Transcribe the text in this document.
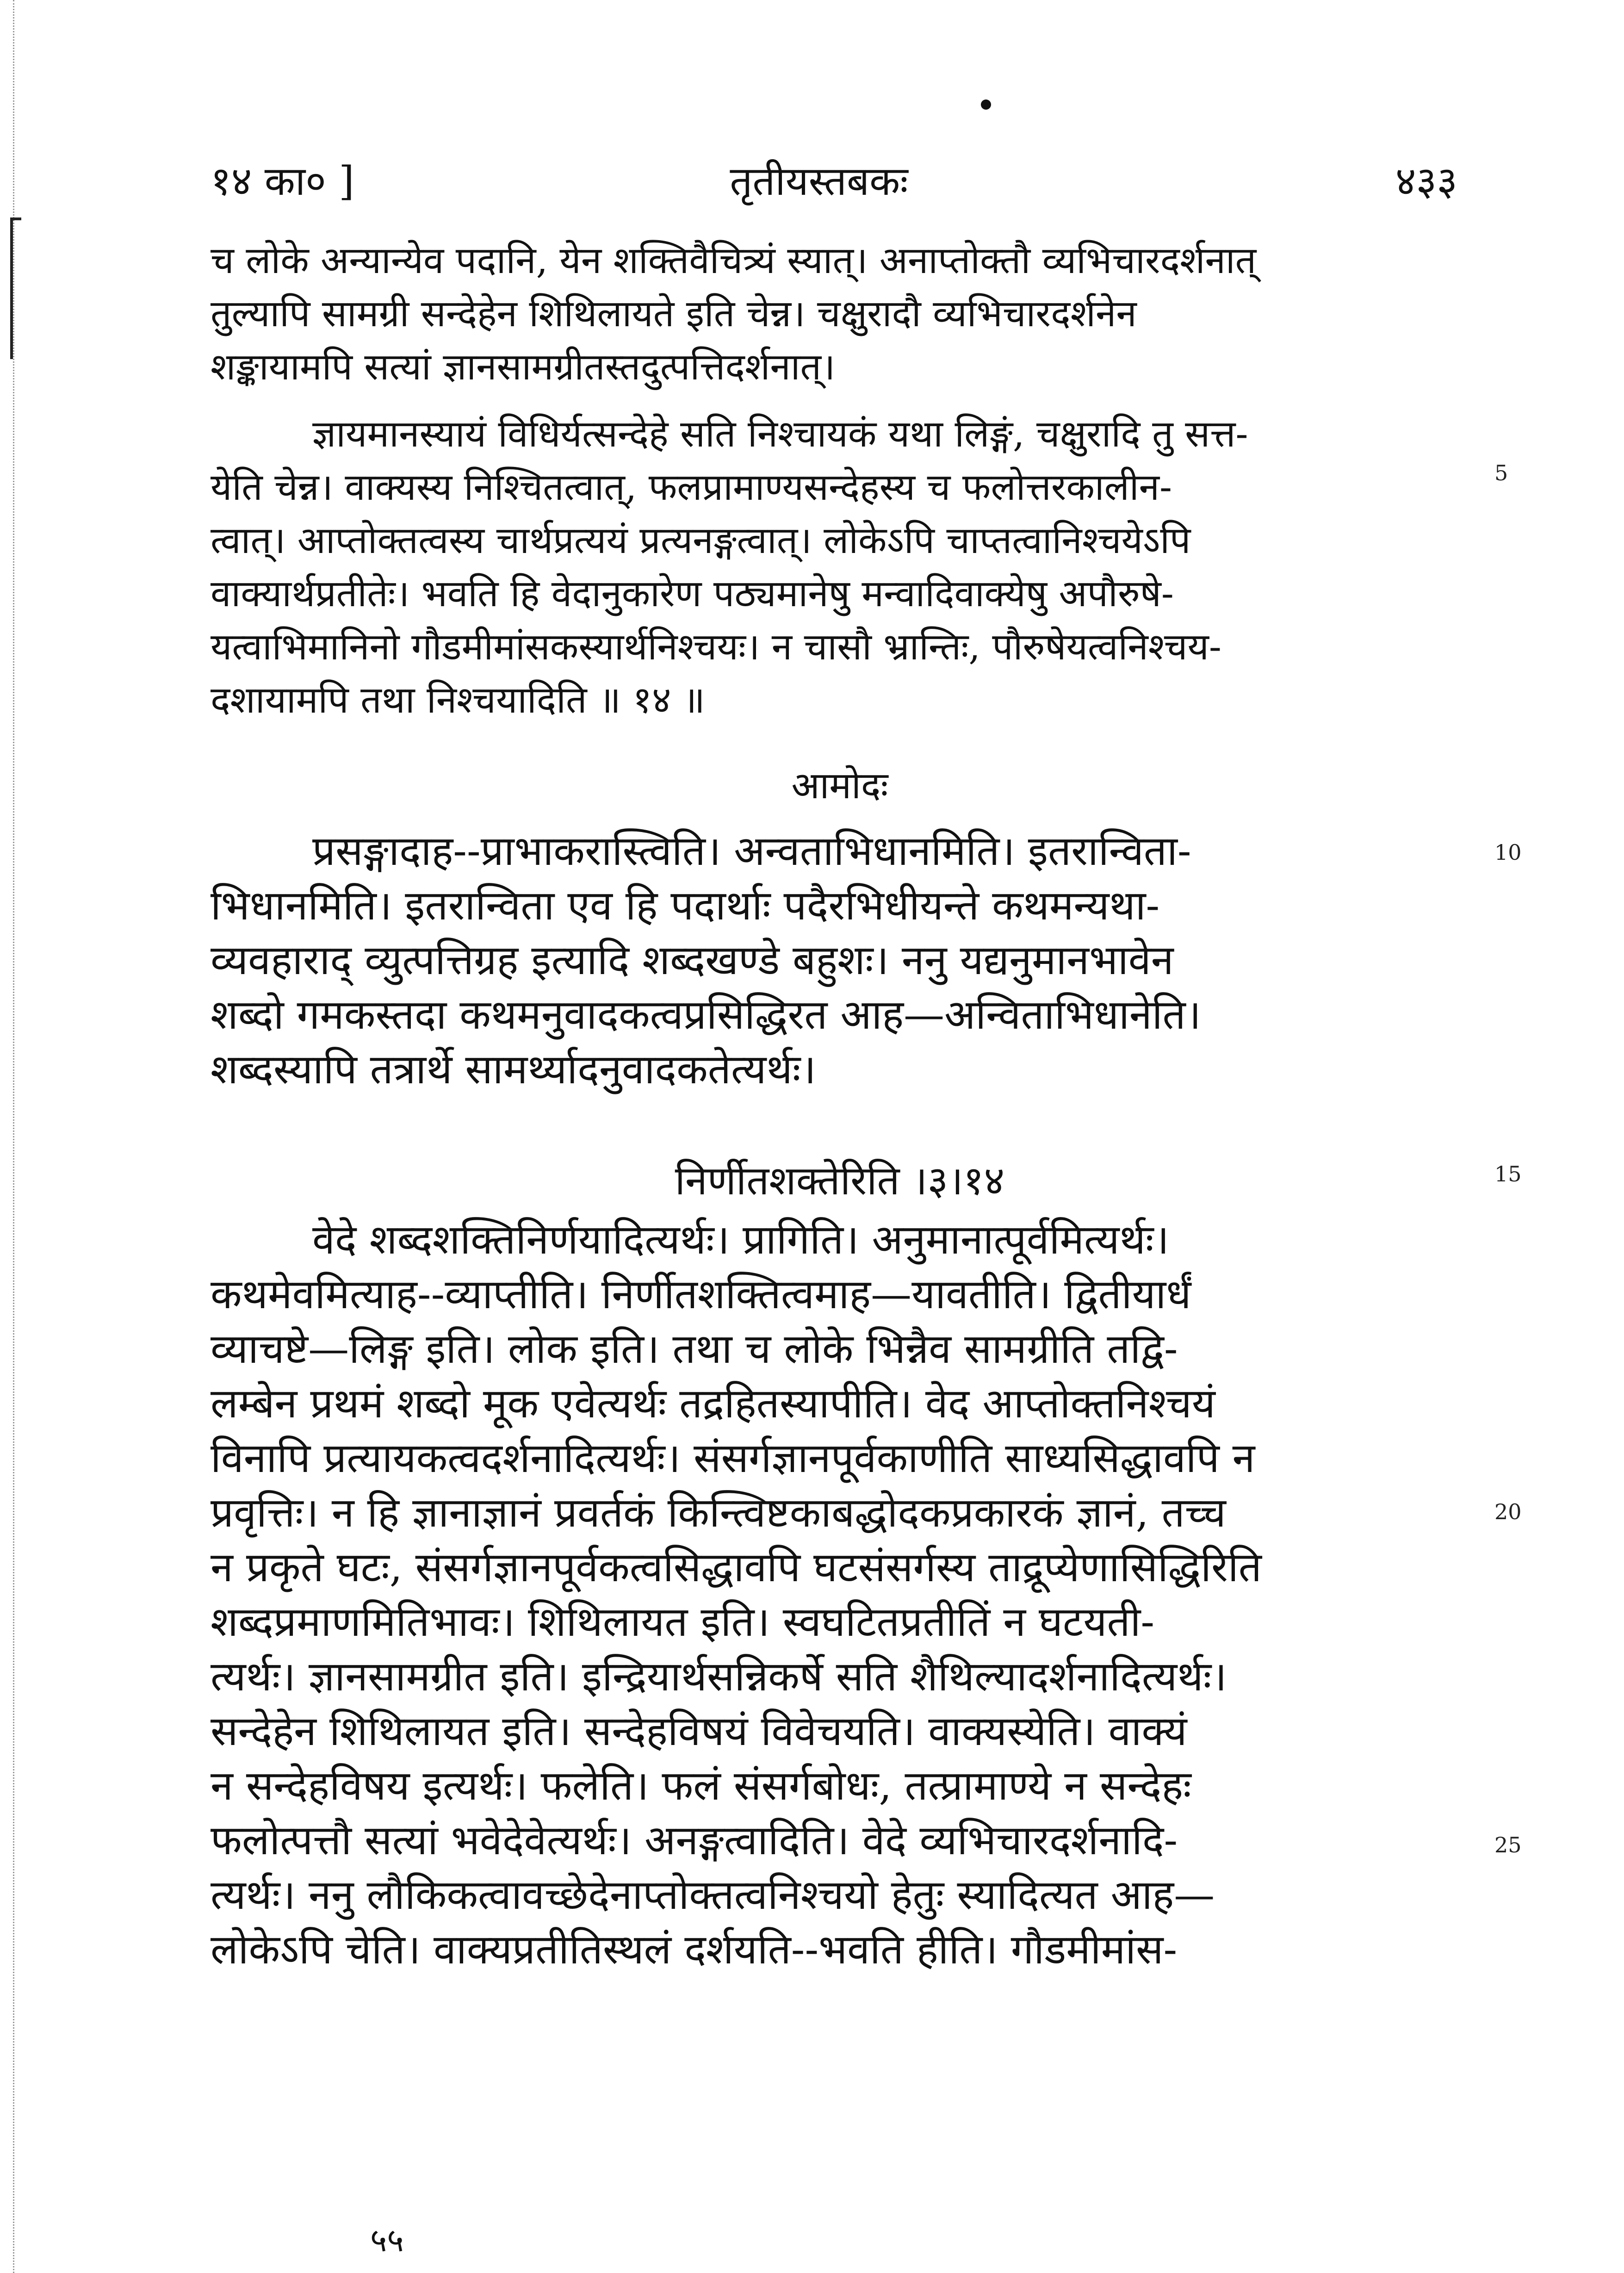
१४ का० ]	तृतीयस्तबकः	४३३
च लोके अन्यान्येव पदानि, येन शक्तिवैचित्र्यं स्यात्। अनाप्तोक्तौ व्यभिचारदर्शनात्
तुल्यापि सामग्री सन्देहेन शिथिलायते इति चेन्न। चक्षुरादौ व्यभिचारदर्शनेन
शङ्कायामपि सत्यां ज्ञानसामग्रीतस्तदुत्पत्तिदर्शनात्।
ज्ञायमानस्यायं विधिर्यत्सन्देहे सति निश्चायकं यथा लिङ्गं, चक्षुरादि तु सत्त-
येति चेन्न। वाक्यस्य निश्चितत्वात्, फलप्रामाण्यसन्देहस्य च फलोत्तरकालीन-
त्वात्। आप्तोक्तत्वस्य चार्थप्रत्ययं प्रत्यनङ्गत्वात्। लोकेऽपि चाप्तत्वानिश्चयेऽपि
वाक्यार्थप्रतीतेः। भवति हि वेदानुकारेण पठ्यमानेषु मन्वादिवाक्येषु अपौरुषे-
यत्वाभिमानिनो गौडमीमांसकस्यार्थनिश्चयः। न चासौ भ्रान्तिः, पौरुषेयत्वनिश्चय-
दशायामपि तथा निश्चयादिति ॥ १४ ॥
आमोदः
प्रसङ्गादाह--प्राभाकरास्त्विति। अन्वताभिधानमिति। इतरान्विता-
भिधानमिति। इतरान्विता एव हि पदार्थाः पदैरभिधीयन्ते कथमन्यथा-
व्यवहाराद् व्युत्पत्तिग्रह इत्यादि शब्दखण्डे बहुशः। ननु यद्यनुमानभावेन
शब्दो गमकस्तदा कथमनुवादकत्वप्रसिद्धिरत आह—अन्विताभिधानेति।
शब्दस्यापि तत्रार्थे सामर्थ्यादनुवादकतेत्यर्थः।
निर्णीतशक्तेरिति ।३।१४
वेदे शब्दशक्तिनिर्णयादित्यर्थः। प्रागिति। अनुमानात्पूर्वमित्यर्थः।
कथमेवमित्याह--व्याप्तीति। निर्णीतशक्तित्वमाह—यावतीति। द्वितीयार्धं
व्याचष्टे—लिङ्ग इति। लोक इति। तथा च लोके भिन्नैव सामग्रीति तद्वि-
लम्बेन प्रथमं शब्दो मूक एवेत्यर्थः तद्रहितस्यापीति। वेद आप्तोक्तनिश्चयं
विनापि प्रत्यायकत्वदर्शनादित्यर्थः। संसर्गज्ञानपूर्वकाणीति साध्यसिद्धावपि न
प्रवृत्तिः। न हि ज्ञानाज्ञानं प्रवर्तकं किन्त्विष्टकाबद्धोदकप्रकारकं ज्ञानं, तच्च
न प्रकृते घटः, संसर्गज्ञानपूर्वकत्वसिद्धावपि घटसंसर्गस्य ताद्रूप्येणासिद्धिरिति
शब्दप्रमाणमितिभावः। शिथिलायत इति। स्वघटितप्रतीतिं न घटयती-
त्यर्थः। ज्ञानसामग्रीत इति। इन्द्रियार्थसन्निकर्षे सति शैथिल्यादर्शनादित्यर्थः।
सन्देहेन शिथिलायत इति। सन्देहविषयं विवेचयति। वाक्यस्येति। वाक्यं
न सन्देहविषय इत्यर्थः। फलेति। फलं संसर्गबोधः, तत्प्रामाण्ये न सन्देहः
फलोत्पत्तौ सत्यां भवेदेवेत्यर्थः। अनङ्गत्वादिति। वेदे व्यभिचारदर्शनादि-
त्यर्थः। ननु लौकिकत्वावच्छेदेनाप्तोक्तत्वनिश्चयो हेतुः स्यादित्यत आह—
लोकेऽपि चेति। वाक्यप्रतीतिस्थलं दर्शयति--भवति हीति। गौडमीमांस-
5
10
15
20
25
५५
